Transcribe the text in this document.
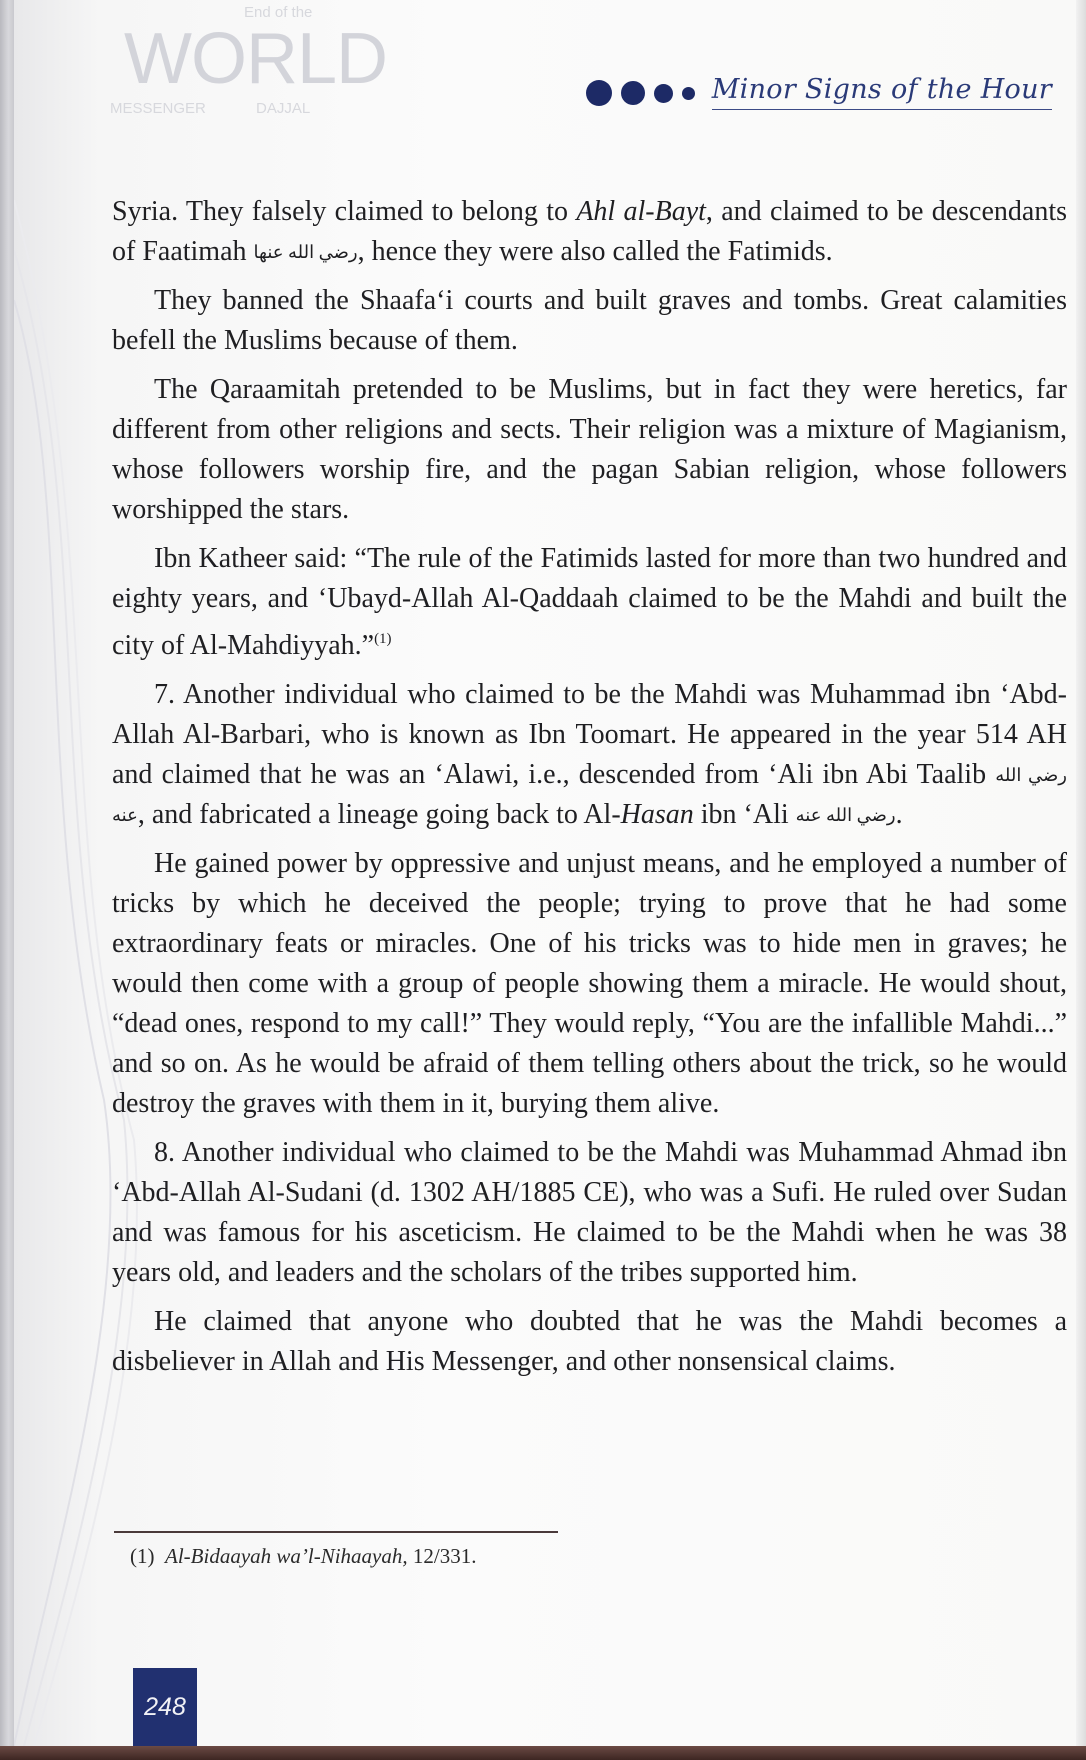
End of the
WORLD
MESSENGER	DAJJAL
Minor Signs of the Hour

Syria. They falsely claimed to belong to Ahl al-Bayt, and claimed to be descendants of Faatimah رضي الله عنها, hence they were also called the Fatimids.

They banned the Shaafa‘i courts and built graves and tombs. Great calamities befell the Muslims because of them.

The Qaraamitah pretended to be Muslims, but in fact they were heretics, far different from other religions and sects. Their religion was a mixture of Magianism, whose followers worship fire, and the pagan Sabian religion, whose followers worshipped the stars.

Ibn Katheer said: “The rule of the Fatimids lasted for more than two hundred and eighty years, and ‘Ubayd-Allah Al-Qaddaah claimed to be the Mahdi and built the city of Al-Mahdiyyah.”$^{(1)}$

7. Another individual who claimed to be the Mahdi was Muhammad ibn ‘Abd-Allah Al-Barbari, who is known as Ibn Toomart. He appeared in the year 514 AH and claimed that he was an ‘Alawi, i.e., descended from ‘Ali ibn Abi Taalib رضي الله عنه, and fabricated a lineage going back to Al-Hasan ibn ‘Ali رضي الله عنه.

He gained power by oppressive and unjust means, and he employed a number of tricks by which he deceived the people; trying to prove that he had some extraordinary feats or miracles. One of his tricks was to hide men in graves; he would then come with a group of people showing them a miracle. He would shout, “dead ones, respond to my call!” They would reply, “You are the infallible Mahdi...” and so on. As he would be afraid of them telling others about the trick, so he would destroy the graves with them in it, burying them alive.

8. Another individual who claimed to be the Mahdi was Muhammad Ahmad ibn ‘Abd-Allah Al-Sudani (d. 1302 AH/1885 CE), who was a Sufi. He ruled over Sudan and was famous for his asceticism. He claimed to be the Mahdi when he was 38 years old, and leaders and the scholars of the tribes supported him.

He claimed that anyone who doubted that he was the Mahdi becomes a disbeliever in Allah and His Messenger, and other nonsensical claims.

(1) Al-Bidaayah wa’l-Nihaayah, 12/331.
248
